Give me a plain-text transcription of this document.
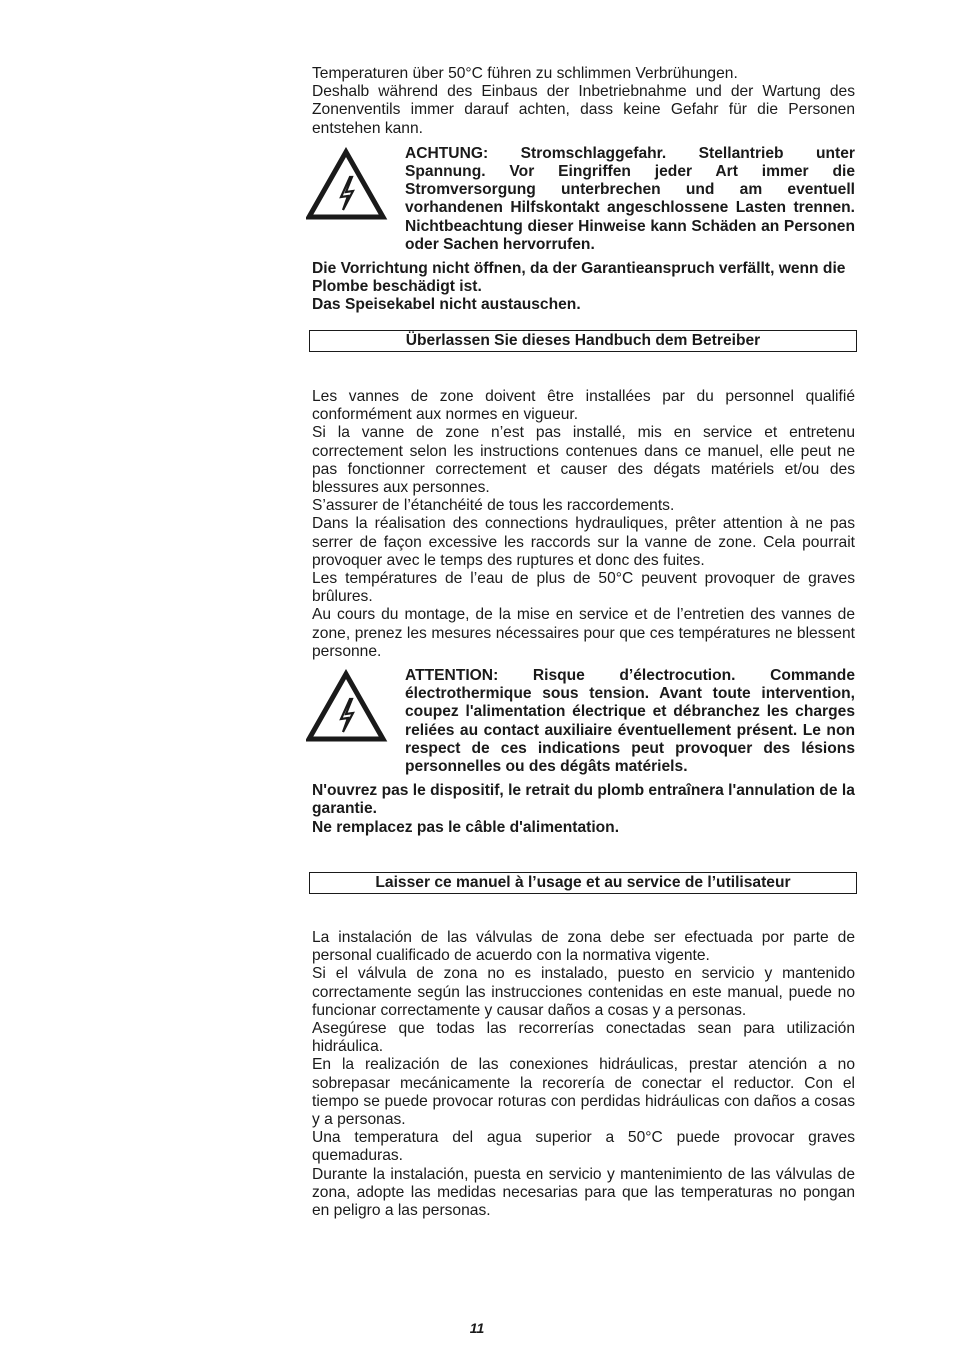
Temperaturen über 50°C führen zu schlimmen Verbrühungen.

Deshalb während des Einbaus der Inbetriebnahme und der Wartung des Zonenventils immer darauf achten, dass keine Gefahr für die Personen entstehen kann.

ACHTUNG: Stromschlaggefahr. Stellantrieb unter Spannung. Vor Eingriffen jeder Art immer die Stromversorgung unterbrechen und am eventuell vorhandenen Hilfskontakt angeschlossene Lasten trennen. Nichtbeachtung dieser Hinweise kann Schäden an Personen oder Sachen hervorrufen.

Die Vorrichtung nicht öffnen, da der Garantieanspruch verfällt, wenn die Plombe beschädigt ist.

Das Speisekabel nicht austauschen.

Überlassen Sie dieses Handbuch dem Betreiber

Les vannes de zone doivent être installées par du personnel qualifié conformément aux normes en vigueur.

Si la vanne de zone n’est pas installé, mis en service et entretenu correctement selon les instructions contenues dans ce manuel, elle peut ne pas fonctionner correctement et causer des dégats matériels et/ou des blessures aux personnes.

S’assurer de l’étanchéité de tous les raccordements.

Dans la réalisation des connections hydrauliques, prêter attention à ne pas serrer de façon excessive les raccords sur la vanne de zone. Cela pourrait provoquer avec le temps des ruptures et donc des fuites.

Les températures de l’eau de plus de 50°C peuvent provoquer de graves brûlures.

Au cours du montage, de la mise en service et de l’entretien des vannes de zone, prenez les mesures nécessaires pour que ces températures ne blessent personne.

ATTENTION: Risque d’électrocution. Commande électrothermique sous tension. Avant toute intervention, coupez l'alimentation électrique et débranchez les charges reliées au contact auxiliaire éventuellement présent. Le non respect de ces indications peut provoquer des lésions personnelles ou des dégâts matériels.

N'ouvrez pas le dispositif, le retrait du plomb entraînera l'annulation de la garantie.

Ne remplacez pas le câble d'alimentation.

Laisser ce manuel à l’usage et au service de l’utilisateur

La instalación de las válvulas de zona debe ser efectuada por parte de personal cualificado de acuerdo con la normativa vigente.

Si el válvula de zona no es instalado, puesto en servicio y mantenido correctamente según las instrucciones contenidas en este manual, puede no funcionar correctamente y causar daños a cosas y a personas.

Asegúrese que todas las recorrerías conectadas sean para utilización hidráulica.

En la realización de las conexiones hidráulicas, prestar atención a no sobrepasar mecánicamente la recorería de conectar el reductor. Con el tiempo se puede provocar roturas con perdidas hidráulicas con daños a cosas y a personas.

Una temperatura del agua superior a 50°C puede provocar graves quemaduras.

Durante la instalación, puesta en servicio y mantenimiento de las válvulas de zona, adopte las medidas necesarias para que las temperaturas no pongan en peligro a las personas.

11
